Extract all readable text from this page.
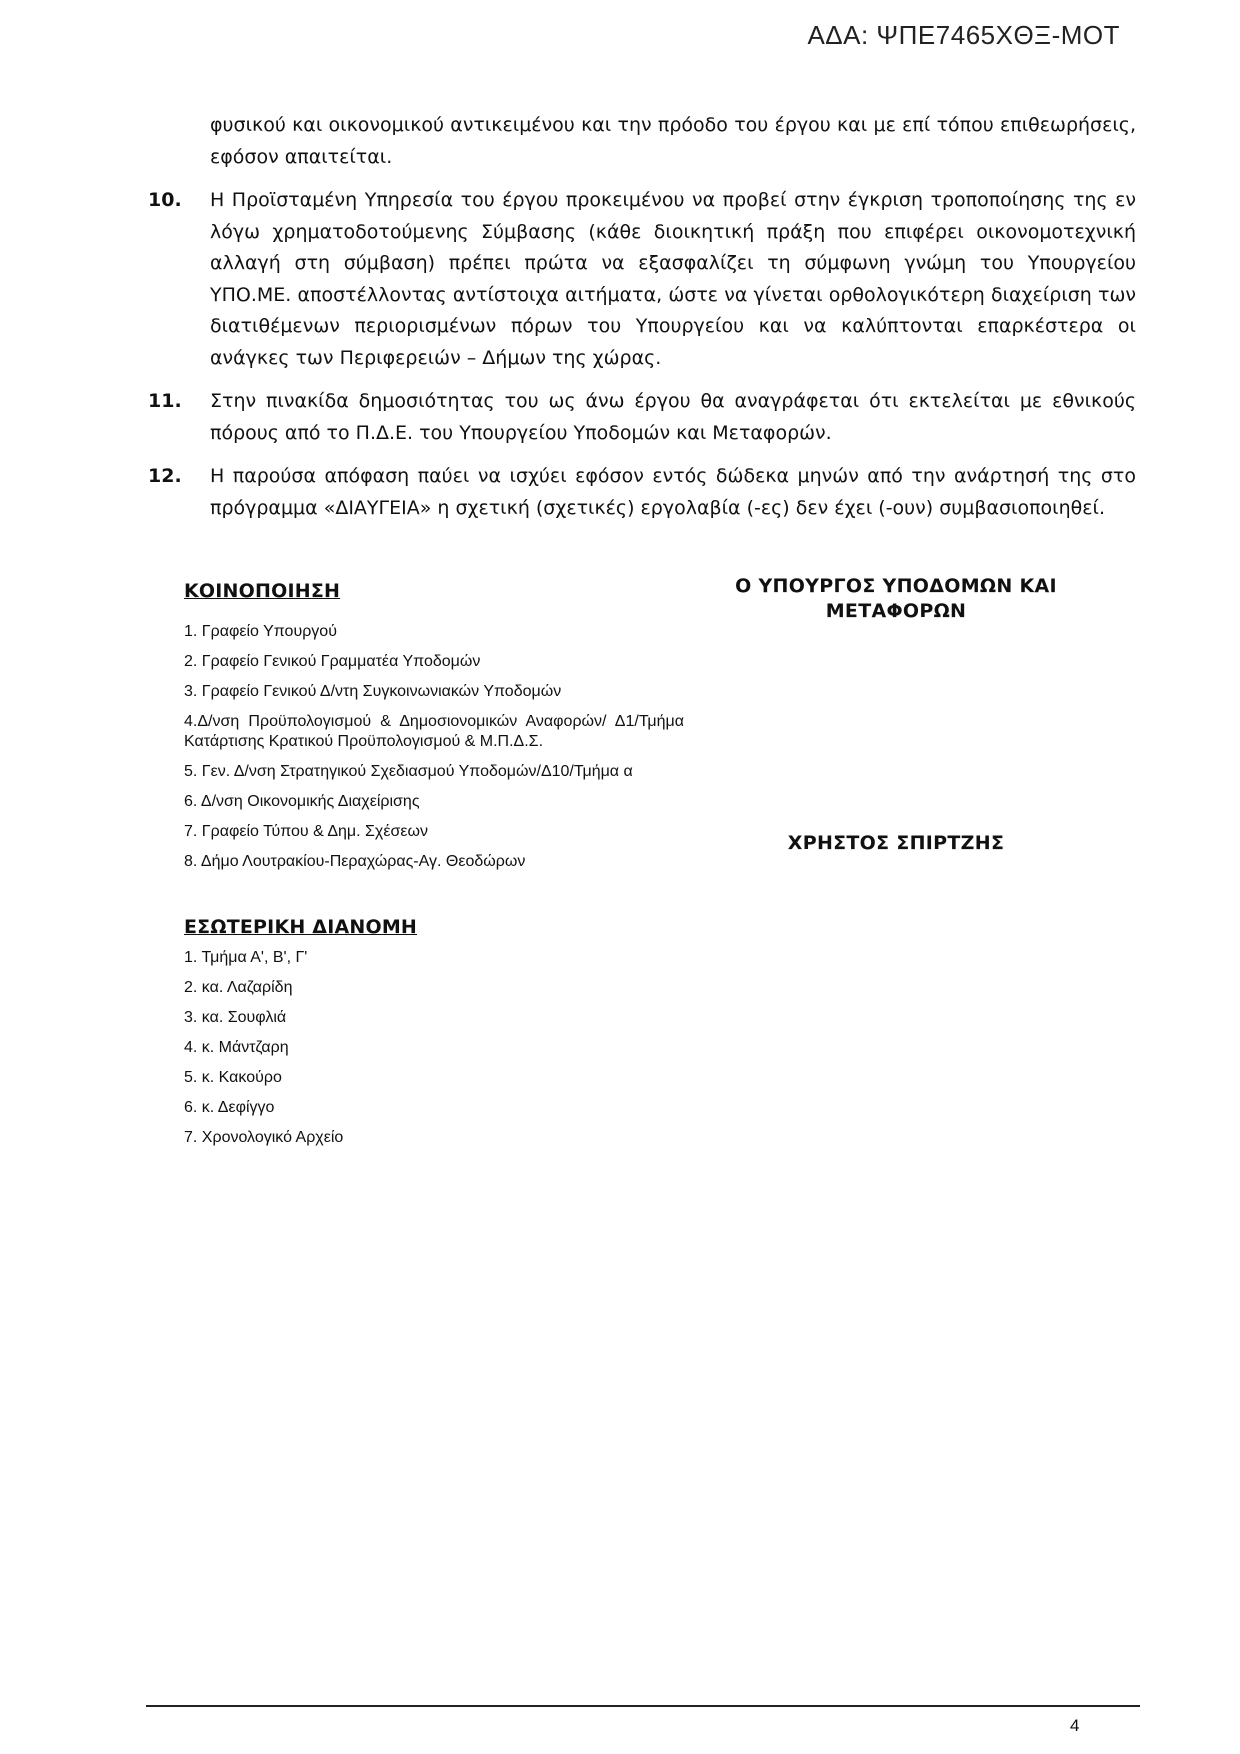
ΑΔΑ: ΨΠΕ7465ΧΘΞ-ΜΟΤ
φυσικού και οικονομικού αντικειμένου και την πρόοδο του έργου και με επί τόπου επιθεωρήσεις, εφόσον απαιτείται.
10.	Η Προϊσταμένη Υπηρεσία του έργου προκειμένου να προβεί στην έγκριση τροποποίησης της εν λόγω χρηματοδοτούμενης Σύμβασης (κάθε διοικητική πράξη που επιφέρει οικονομοτεχνική αλλαγή στη σύμβαση) πρέπει πρώτα να εξασφαλίζει τη σύμφωνη γνώμη του Υπουργείου ΥΠΟ.ΜΕ. αποστέλλοντας αντίστοιχα αιτήματα, ώστε να γίνεται ορθολογικότερη διαχείριση των διατιθέμενων περιορισμένων πόρων του Υπουργείου και να καλύπτονται επαρκέστερα οι ανάγκες των Περιφερειών – Δήμων της χώρας.
11.	Στην πινακίδα δημοσιότητας του ως άνω έργου θα αναγράφεται ότι εκτελείται με εθνικούς πόρους από το Π.Δ.Ε. του Υπουργείου Υποδομών και Μεταφορών.
12.	Η παρούσα απόφαση παύει να ισχύει εφόσον εντός δώδεκα μηνών από την ανάρτησή της στο πρόγραμμα «ΔΙΑΥΓΕΙΑ» η σχετική (σχετικές) εργολαβία (-ες) δεν έχει (-ουν) συμβασιοποιηθεί.
ΚΟΙΝΟΠΟΙΗΣΗ
1. Γραφείο Υπουργού
2. Γραφείο Γενικού Γραμματέα Υποδομών
3. Γραφείο Γενικού Δ/ντη Συγκοινωνιακών Υποδομών
4.Δ/νση Προϋπολογισμού & Δημοσιονομικών Αναφορών/ Δ1/Τμήμα Κατάρτισης Κρατικού Προϋπολογισμού & Μ.Π.Δ.Σ.
5. Γεν. Δ/νση Στρατηγικού Σχεδιασμού Υποδομών/Δ10/Τμήμα α
6. Δ/νση Οικονομικής Διαχείρισης
7. Γραφείο Τύπου & Δημ. Σχέσεων
8. Δήμο Λουτρακίου-Περαχώρας-Αγ. Θεοδώρων
ΕΣΩΤΕΡΙΚΗ ΔΙΑΝΟΜΗ
1. Τμήμα Α', Β', Γ'
2. κα. Λαζαρίδη
3. κα. Σουφλιά
4. κ. Μάντζαρη
5. κ. Κακούρο
6. κ. Δεφίγγο
7. Χρονολογικό Αρχείο
Ο ΥΠΟΥΡΓΟΣ ΥΠΟΔΟΜΩΝ ΚΑΙ
ΜΕΤΑΦΟΡΩΝ
ΧΡΗΣΤΟΣ ΣΠΙΡΤΖΗΣ
4
